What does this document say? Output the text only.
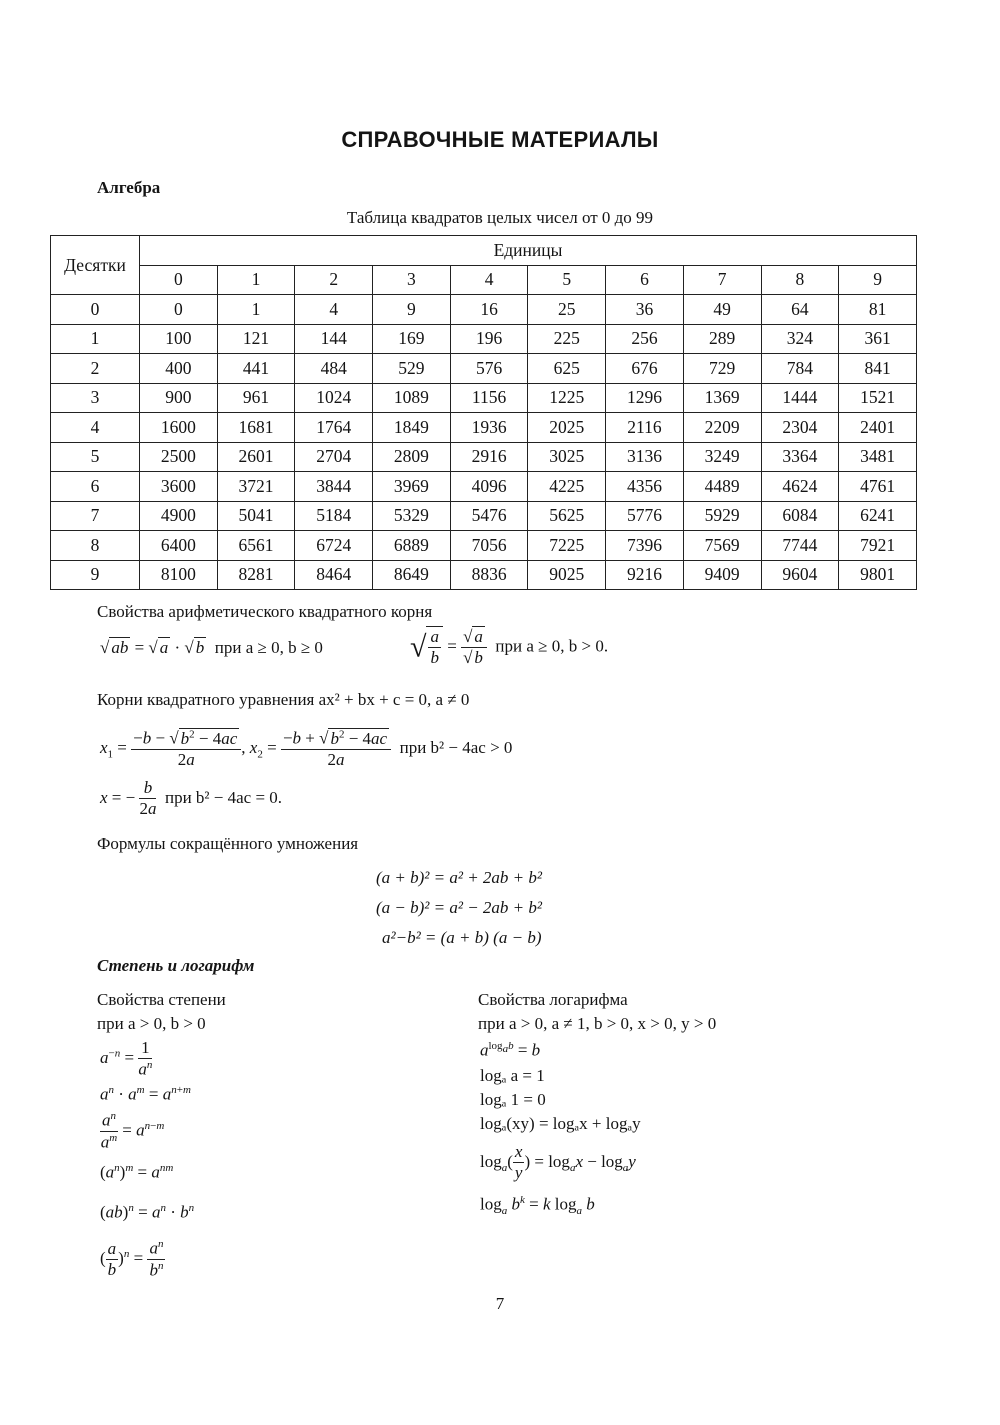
СПРАВОЧНЫЕ МАТЕРИАЛЫ
Алгебра
Таблица квадратов целых чисел от 0 до 99
Десятки	Единицы									
	0	1	2	3	4	5	6	7	8	9
0	0	1	4	9	16	25	36	49	64	81
1	100	121	144	169	196	225	256	289	324	361
2	400	441	484	529	576	625	676	729	784	841
3	900	961	1024	1089	1156	1225	1296	1369	1444	1521
4	1600	1681	1764	1849	1936	2025	2116	2209	2304	2401
5	2500	2601	2704	2809	2916	3025	3136	3249	3364	3481
6	3600	3721	3844	3969	4096	4225	4356	4489	4624	4761
7	4900	5041	5184	5329	5476	5625	5776	5929	6084	6241
8	6400	6561	6724	6889	7056	7225	7396	7569	7744	7921
9	8100	8281	8464	8649	8836	9025	9216	9409	9604	9801
Свойства арифметического квадратного корня
√ ab = √ a · √ b при a ≥ 0, b ≥ 0	√ $\frac{a}{b} = \frac{√ a}{√ b}$ при a ≥ 0, b > 0.
Корни квадратного уравнения ax² + bx + c = 0, a ≠ 0
$x_1 = \frac{-b - √ b^2 - 4ac}{2a}$ , $x_2 = \frac{-b + √ b^2 - 4ac}{2a}$ при b² − 4ac > 0
x = − $\frac{b}{2a}$ при b² − 4ac = 0.
Формулы сокращённого умножения
(a + b)² = a² + 2ab + b²
(a − b)² = a² − 2ab + b²
a²−b² = (a + b) (a − b)
Степень и логарифм
Свойства степени
при a > 0, b > 0
$a^{-n} = \frac{1}{a^n}$
$a^n \cdot a^m = a^{n+m}$
$\frac{a^n}{a^m} = a^{n-m}$
$(a^n)^m = a^{nm}$
$(ab)^n = a^n \cdot b^n$
( $\frac{a}{b} )^n = \frac{a^n}{b^n}$
Свойства логарифма
при a > 0, a ≠ 1, b > 0, x > 0, y > 0
$a^{log_ab} = b$
logₐ a = 1
logₐ 1 = 0
logₐ(xy) = logₐx + logₐy
$\log_a( \frac{x}{y}$ ) = $\log_ax - \log_ay$
$\log_a b^k = k$ $\log_a b$
7
